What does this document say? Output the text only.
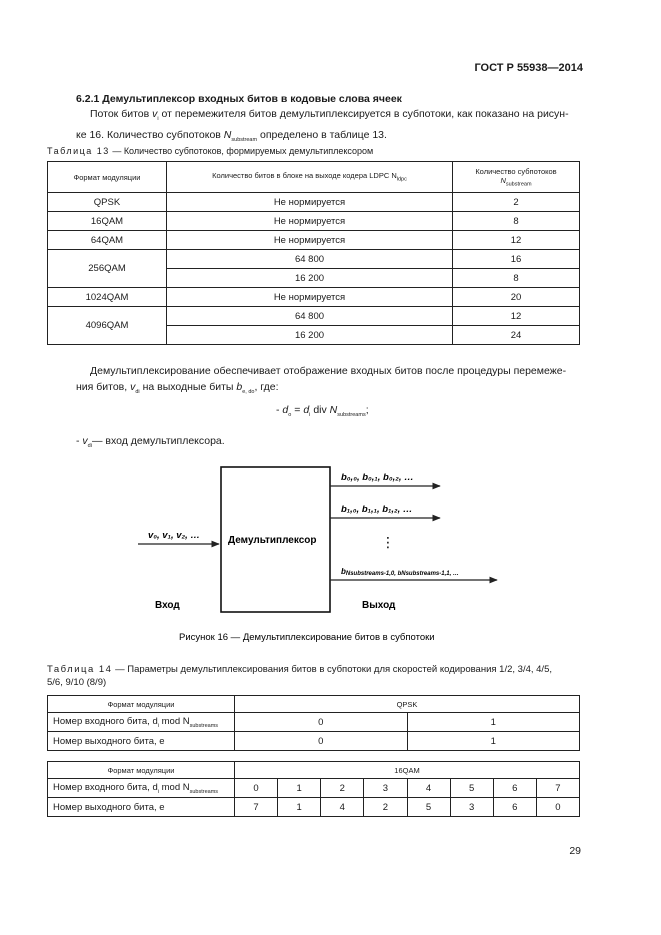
ГОСТ Р 55938—2014
6.2.1 Демультиплексор входных битов в кодовые слова ячеек
Поток битов $v_i$ от перемежителя битов демультиплексируется в субпотоки, как показано на рисун-
ке 16. Количество субпотоков $N_{substream}$ определено в таблице 13.
Таблица 13 — Количество субпотоков, формируемых демультиплексором
Формат модуляции	Количество битов в блоке на выходе кодера LDPC $N_{ldpc}$	Количество субпотоков
$N_{substream}$
QPSK	Не нормируется	2
16QAM	Не нормируется	8
64QAM	Не нормируется	12
256QAM	64 800	16
	16 200	8
1024QAM	Не нормируется	20
4096QAM	64 800	12
	16 200	24
Демультиплексирование обеспечивает отображение входных битов после процедуры перемеже-
ния битов, $v_{di}$ на выходные биты $b_{e, do}$, где:
- $d_o = d_i$ div $N_{substreams}$;
- $v_{di}—$ вход демультиплексора.
Демультиплексор
v₀, v₁, v₂, …
b₀,₀, b₀,₁, b₀,₂, …
b₁,₀, b₁,₁, b₁,₂, …
⋮
bNsubstreams-1,0, bNsubstreams-1,1, …
Вход	Выход
Рисунок 16 — Демультиплексирование битов в субпотоки
Таблица 14 — Параметры демультиплексирования битов в субпотоки для скоростей кодирования 1/2, 3/4, 4/5,
5/6, 9/10 (8/9)
Формат модуляции	QPSK	
Номер входного бита, $d_i$ mod $N_{substreams}$	0	1
Номер выходного бита, e	0	1
Формат модуляции	16QAM							
Номер входного бита, $d_i$ mod $N_{substreams}$	0	1	2	3	4	5	6	7
Номер выходного бита, e	7	1	4	2	5	3	6	0
29
